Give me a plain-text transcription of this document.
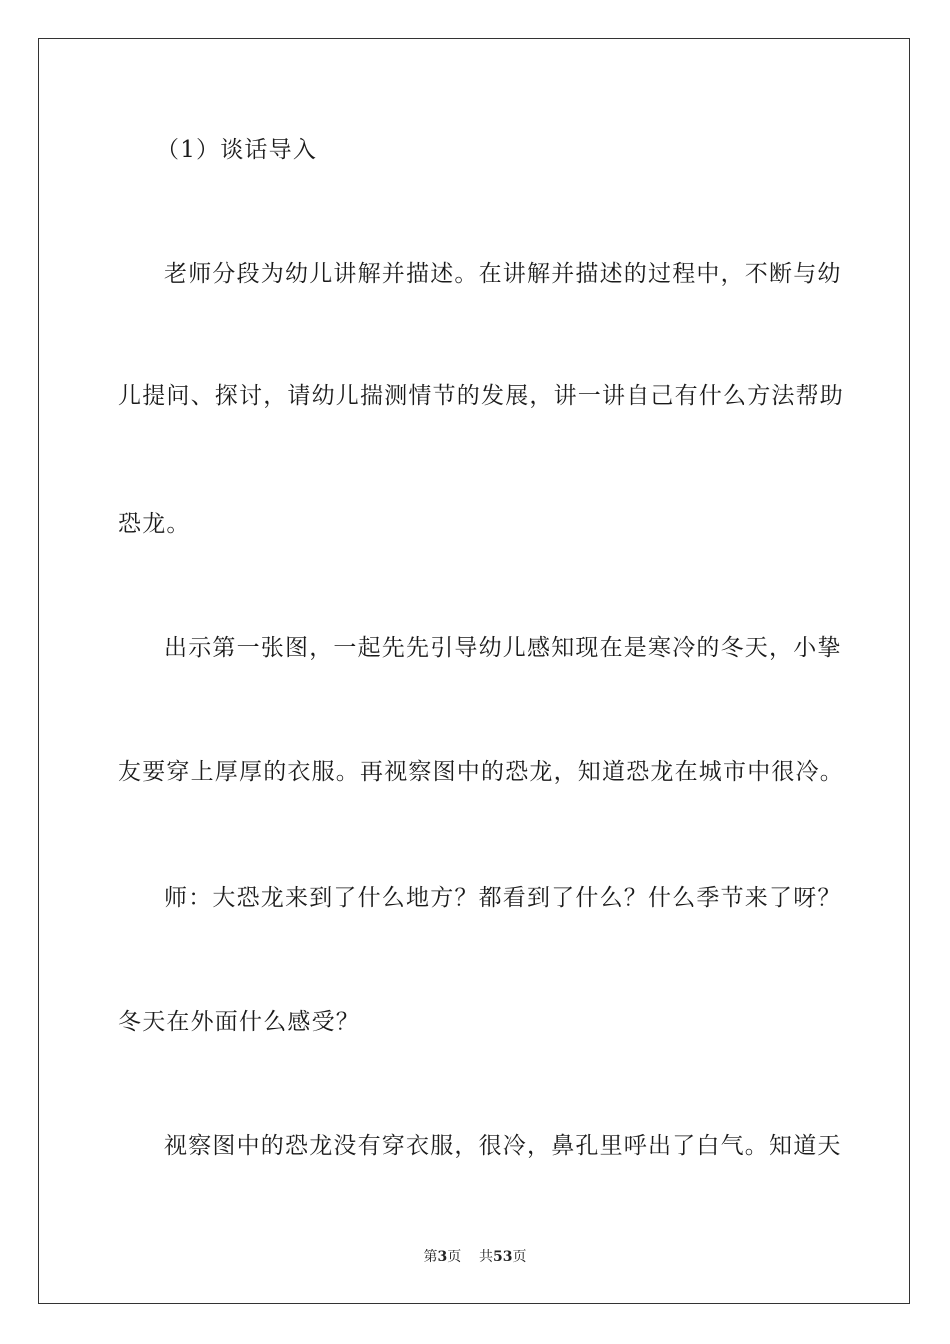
（1）谈话导入
老师分段为幼儿讲解并描述。在讲解并描述的过程中，不断与幼
儿提问、探讨，请幼儿揣测情节的发展，讲一讲自己有什么方法帮助
恐龙。
出示第一张图，一起先先引导幼儿感知现在是寒冷的冬天，小挚
友要穿上厚厚的衣服。再视察图中的恐龙，知道恐龙在城市中很冷。
师：大恐龙来到了什么地方？都看到了什么？什么季节来了呀？
冬天在外面什么感受？
视察图中的恐龙没有穿衣服，很冷，鼻孔里呼出了白气。知道天
第3页 共53页
